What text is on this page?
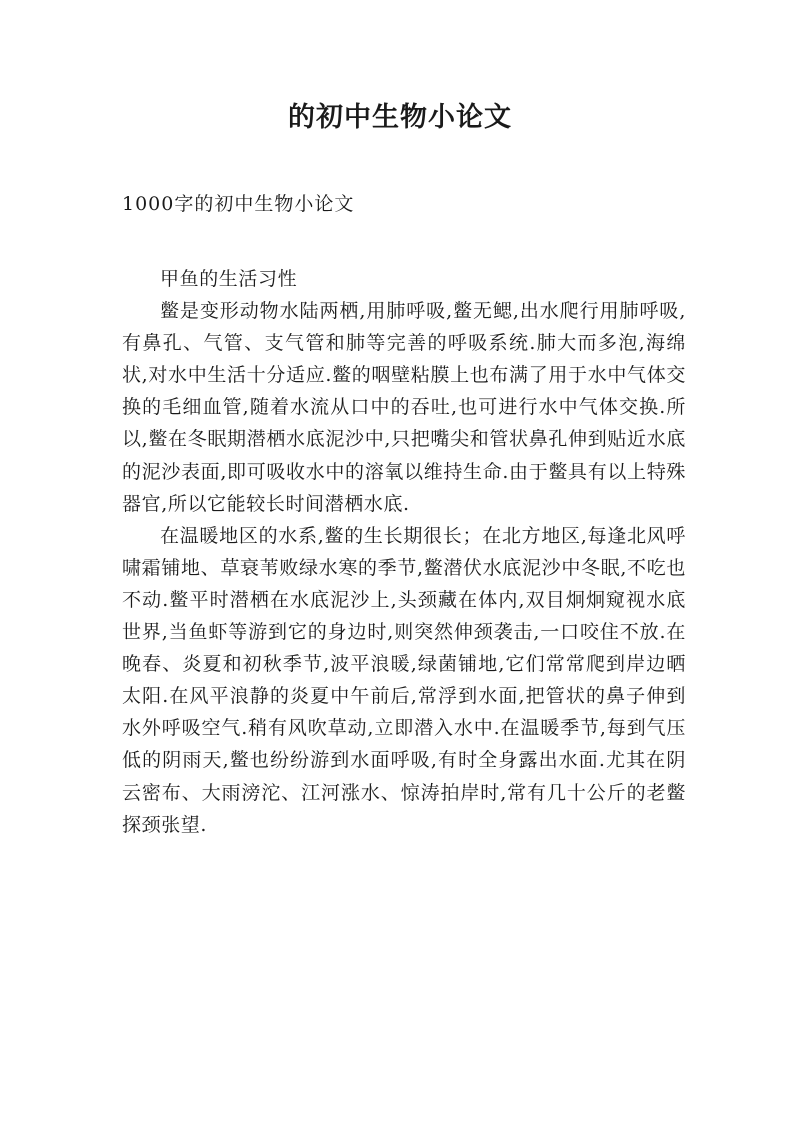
的初中生物小论文

1000字的初中生物小论文

甲鱼的生活习性

鳖是变形动物水陆两栖,用肺呼吸,鳖无鳃,出水爬行用肺呼吸,有鼻孔、气管、支气管和肺等完善的呼吸系统.肺大而多泡,海绵状,对水中生活十分适应.鳖的咽壁粘膜上也布满了用于水中气体交换的毛细血管,随着水流从口中的吞吐,也可进行水中气体交换.所以,鳖在冬眠期潜栖水底泥沙中,只把嘴尖和管状鼻孔伸到贴近水底的泥沙表面,即可吸收水中的溶氧以维持生命.由于鳖具有以上特殊器官,所以它能较长时间潜栖水底.

在温暖地区的水系,鳖的生长期很长；在北方地区,每逢北风呼啸霜铺地、草衰苇败绿水寒的季节,鳖潜伏水底泥沙中冬眠,不吃也不动.鳖平时潜栖在水底泥沙上,头颈藏在体内,双目炯炯窥视水底世界,当鱼虾等游到它的身边时,则突然伸颈袭击,一口咬住不放.在晚春、炎夏和初秋季节,波平浪暖,绿菌铺地,它们常常爬到岸边晒太阳.在风平浪静的炎夏中午前后,常浮到水面,把管状的鼻子伸到水外呼吸空气.稍有风吹草动,立即潜入水中.在温暖季节,每到气压低的阴雨天,鳖也纷纷游到水面呼吸,有时全身露出水面.尤其在阴云密布、大雨滂沱、江河涨水、惊涛拍岸时,常有几十公斤的老鳖探颈张望.
